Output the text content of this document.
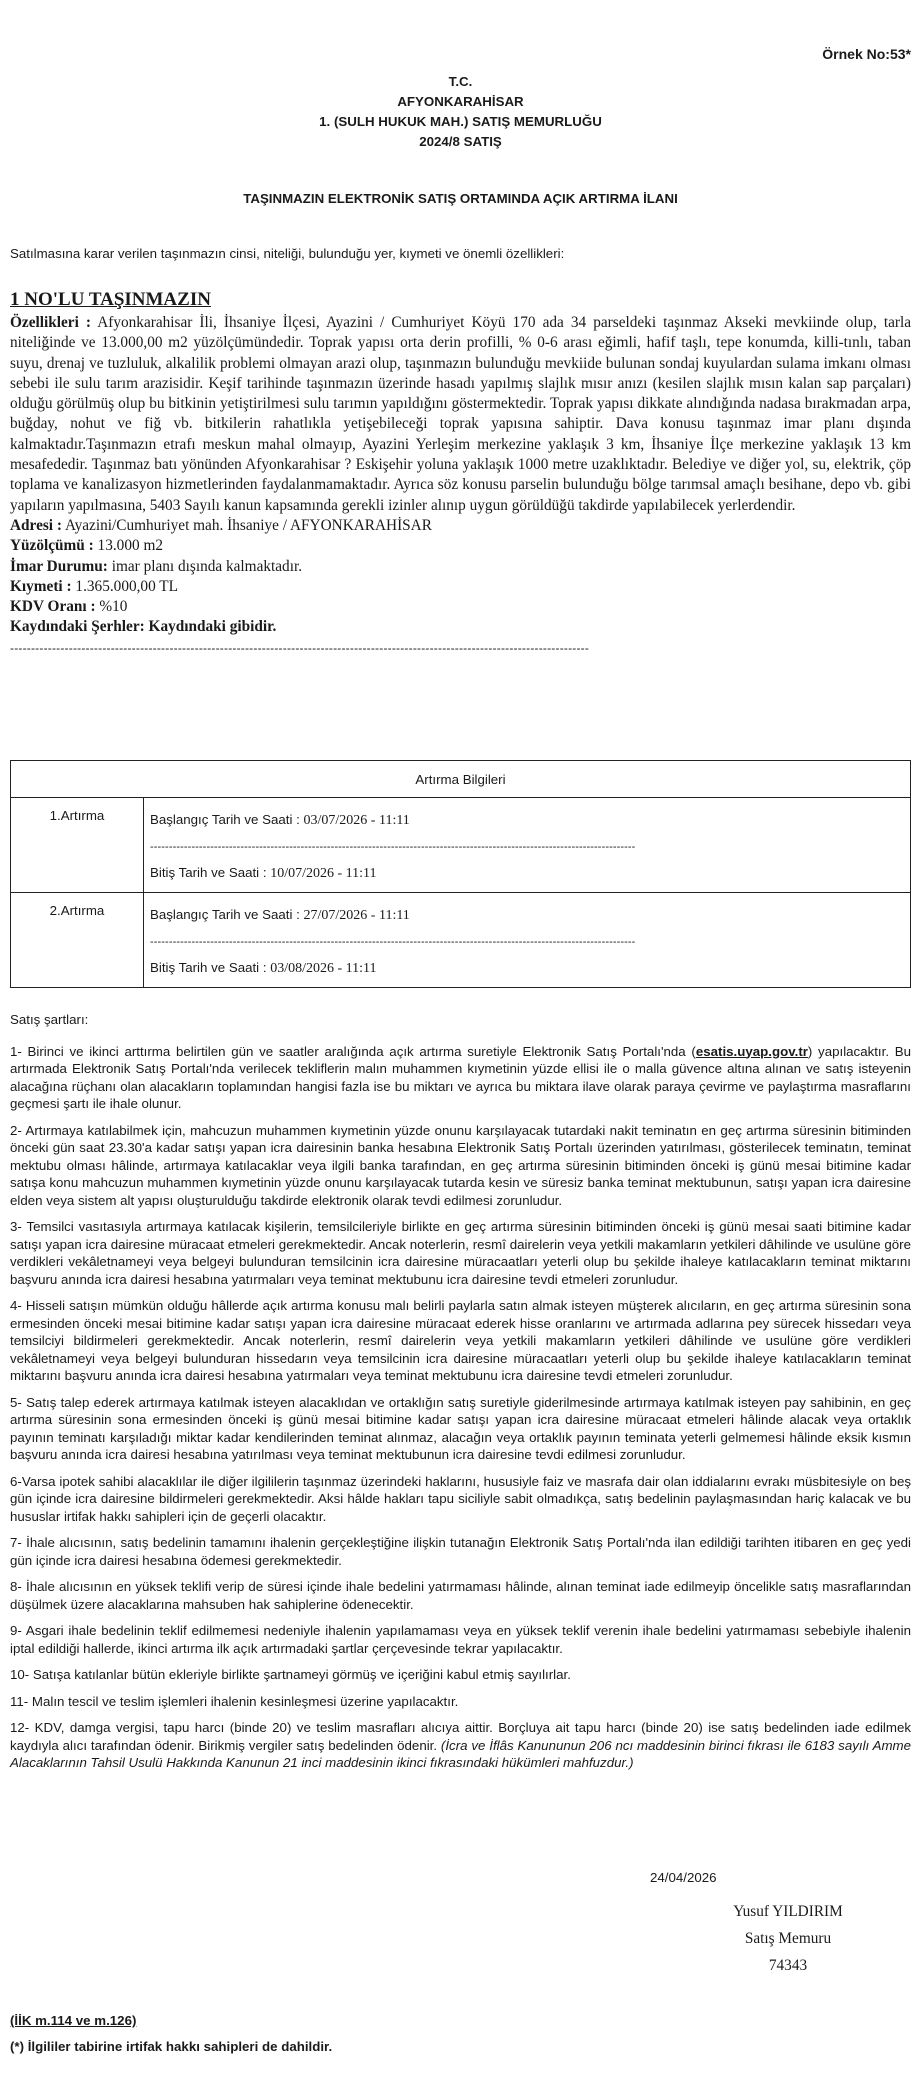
Örnek No:53*
T.C.
AFYONKARAHİSAR
1. (SULH HUKUK MAH.) SATIŞ MEMURLUĞU
2024/8 SATIŞ
TAŞINMAZIN ELEKTRONİK SATIŞ ORTAMINDA AÇIK ARTIRMA İLANI
Satılmasına karar verilen taşınmazın cinsi, niteliği, bulunduğu yer, kıymeti ve önemli özellikleri:
1 NO'LU TAŞINMAZIN

Özellikleri : Afyonkarahisar İli, İhsaniye İlçesi, Ayazini / Cumhuriyet Köyü 170 ada 34 parseldeki taşınmaz Akseki mevkiinde olup, tarla niteliğinde ve 13.000,00 m2 yüzölçümündedir. Toprak yapısı orta derin profilli, % 0-6 arası eğimli, hafif taşlı, tepe konumda, killi-tınlı, taban suyu, drenaj ve tuzluluk, alkalilik problemi olmayan arazi olup, taşınmazın bulunduğu mevkiide bulunan sondaj kuyulardan sulama imkanı olması sebebi ile sulu tarım arazisidir. Keşif tarihinde taşınmazın üzerinde hasadı yapılmış slajlık mısır anızı (kesilen slajlık mısın kalan sap parçaları) olduğu görülmüş olup bu bitkinin yetiştirilmesi sulu tarımın yapıldığını göstermektedir. Toprak yapısı dikkate alındığında nadasa bırakmadan arpa, buğday, nohut ve fiğ vb. bitkilerin rahatlıkla yetişebileceği toprak yapısına sahiptir. Dava konusu taşınmaz imar planı dışında kalmaktadır.Taşınmazın etrafı meskun mahal olmayıp, Ayazini Yerleşim merkezine yaklaşık 3 km, İhsaniye İlçe merkezine yaklaşık 13 km mesafededir. Taşınmaz batı yönünden Afyonkarahisar ? Eskişehir yoluna yaklaşık 1000 metre uzaklıktadır. Belediye ve diğer yol, su, elektrik, çöp toplama ve kanalizasyon hizmetlerinden faydalanmamaktadır. Ayrıca söz konusu parselin bulunduğu bölge tarımsal amaçlı besihane, depo vb. gibi yapıların yapılmasına, 5403 Sayılı kanun kapsamında gerekli izinler alınıp uygun görüldüğü takdirde yapılabilecek yerlerdendir.

Adresi : Ayazini/Cumhuriyet mah. İhsaniye / AFYONKARAHİSAR

Yüzölçümü : 13.000 m2

İmar Durumu: imar planı dışında kalmaktadır.

Kıymeti : 1.365.000,00 TL

KDV Oranı : %10

Kaydındaki Şerhler: Kaydındaki gibidir.

------------------------------------------------------------------------------------------------------------------------------------------
Artırma Bilgileri	
1.Artırma	Başlangıç Tarih ve Saati : 03/07/2026 - 11:11
---------------------------------------------------------------------------------------------------------------------------------
Bitiş Tarih ve Saati : 10/07/2026 - 11:11

2.Artırma	Başlangıç Tarih ve Saati : 27/07/2026 - 11:11
---------------------------------------------------------------------------------------------------------------------------------
Bitiş Tarih ve Saati : 03/08/2026 - 11:11

Satış şartları:

1- Birinci ve ikinci arttırma belirtilen gün ve saatler aralığında açık artırma suretiyle Elektronik Satış Portalı'nda (esatis.uyap.gov.tr) yapılacaktır. Bu artırmada Elektronik Satış Portalı'nda verilecek tekliflerin malın muhammen kıymetinin yüzde ellisi ile o malla güvence altına alınan ve satış isteyenin alacağına rüçhanı olan alacakların toplamından hangisi fazla ise bu miktarı ve ayrıca bu miktara ilave olarak paraya çevirme ve paylaştırma masraflarını geçmesi şartı ile ihale olunur.

2- Artırmaya katılabilmek için, mahcuzun muhammen kıymetinin yüzde onunu karşılayacak tutardaki nakit teminatın en geç artırma süresinin bitiminden önceki gün saat 23.30'a kadar satışı yapan icra dairesinin banka hesabına Elektronik Satış Portalı üzerinden yatırılması, gösterilecek teminatın, teminat mektubu olması hâlinde, artırmaya katılacaklar veya ilgili banka tarafından, en geç artırma süresinin bitiminden önceki iş günü mesai bitimine kadar satışa konu mahcuzun muhammen kıymetinin yüzde onunu karşılayacak tutarda kesin ve süresiz banka teminat mektubunun, satışı yapan icra dairesine elden veya sistem alt yapısı oluşturulduğu takdirde elektronik olarak tevdi edilmesi zorunludur.

3- Temsilci vasıtasıyla artırmaya katılacak kişilerin, temsilcileriyle birlikte en geç artırma süresinin bitiminden önceki iş günü mesai saati bitimine kadar satışı yapan icra dairesine müracaat etmeleri gerekmektedir. Ancak noterlerin, resmî dairelerin veya yetkili makamların yetkileri dâhilinde ve usulüne göre verdikleri vekâletnameyi veya belgeyi bulunduran temsilcinin icra dairesine müracaatları yeterli olup bu şekilde ihaleye katılacakların teminat miktarını başvuru anında icra dairesi hesabına yatırmaları veya teminat mektubunu icra dairesine tevdi etmeleri zorunludur.

4- Hisseli satışın mümkün olduğu hâllerde açık artırma konusu malı belirli paylarla satın almak isteyen müşterek alıcıların, en geç artırma süresinin sona ermesinden önceki mesai bitimine kadar satışı yapan icra dairesine müracaat ederek hisse oranlarını ve artırmada adlarına pey sürecek hissedarı veya temsilciyi bildirmeleri gerekmektedir. Ancak noterlerin, resmî dairelerin veya yetkili makamların yetkileri dâhilinde ve usulüne göre verdikleri vekâletnameyi veya belgeyi bulunduran hissedarın veya temsilcinin icra dairesine müracaatları yeterli olup bu şekilde ihaleye katılacakların teminat miktarını başvuru anında icra dairesi hesabına yatırmaları veya teminat mektubunu icra dairesine tevdi etmeleri zorunludur.

5- Satış talep ederek artırmaya katılmak isteyen alacaklıdan ve ortaklığın satış suretiyle giderilmesinde artırmaya katılmak isteyen pay sahibinin, en geç artırma süresinin sona ermesinden önceki iş günü mesai bitimine kadar satışı yapan icra dairesine müracaat etmeleri hâlinde alacak veya ortaklık payının teminatı karşıladığı miktar kadar kendilerinden teminat alınmaz, alacağın veya ortaklık payının teminata yeterli gelmemesi hâlinde eksik kısmın başvuru anında icra dairesi hesabına yatırılması veya teminat mektubunun icra dairesine tevdi edilmesi zorunludur.

6-Varsa ipotek sahibi alacaklılar ile diğer ilgililerin taşınmaz üzerindeki haklarını, hususiyle faiz ve masrafa dair olan iddialarını evrakı müsbitesiyle on beş gün içinde icra dairesine bildirmeleri gerekmektedir. Aksi hâlde hakları tapu siciliyle sabit olmadıkça, satış bedelinin paylaşmasından hariç kalacak ve bu hususlar irtifak hakkı sahipleri için de geçerli olacaktır.

7- İhale alıcısının, satış bedelinin tamamını ihalenin gerçekleştiğine ilişkin tutanağın Elektronik Satış Portalı'nda ilan edildiği tarihten itibaren en geç yedi gün içinde icra dairesi hesabına ödemesi gerekmektedir.

8- İhale alıcısının en yüksek teklifi verip de süresi içinde ihale bedelini yatırmaması hâlinde, alınan teminat iade edilmeyip öncelikle satış masraflarından düşülmek üzere alacaklarına mahsuben hak sahiplerine ödenecektir.

9- Asgari ihale bedelinin teklif edilmemesi nedeniyle ihalenin yapılamaması veya en yüksek teklif verenin ihale bedelini yatırmaması sebebiyle ihalenin iptal edildiği hallerde, ikinci artırma ilk açık artırmadaki şartlar çerçevesinde tekrar yapılacaktır.

10- Satışa katılanlar bütün ekleriyle birlikte şartnameyi görmüş ve içeriğini kabul etmiş sayılırlar.

11- Malın tescil ve teslim işlemleri ihalenin kesinleşmesi üzerine yapılacaktır.

12- KDV, damga vergisi, tapu harcı (binde 20) ve teslim masrafları alıcıya aittir. Borçluya ait tapu harcı (binde 20) ise satış bedelinden iade edilmek kaydıyla alıcı tarafından ödenir. Birikmiş vergiler satış bedelinden ödenir. (İcra ve İflâs Kanununun 206 ncı maddesinin birinci fıkrası ile 6183 sayılı Amme Alacaklarının Tahsil Usulü Hakkında Kanunun 21 inci maddesinin ikinci fıkrasındaki hükümleri mahfuzdur.)

24/04/2026
Yusuf YILDIRIM
Satış Memuru
74343
(İİK m.114 ve m.126)
(*) İlgililer tabirine irtifak hakkı sahipleri de dahildir.
